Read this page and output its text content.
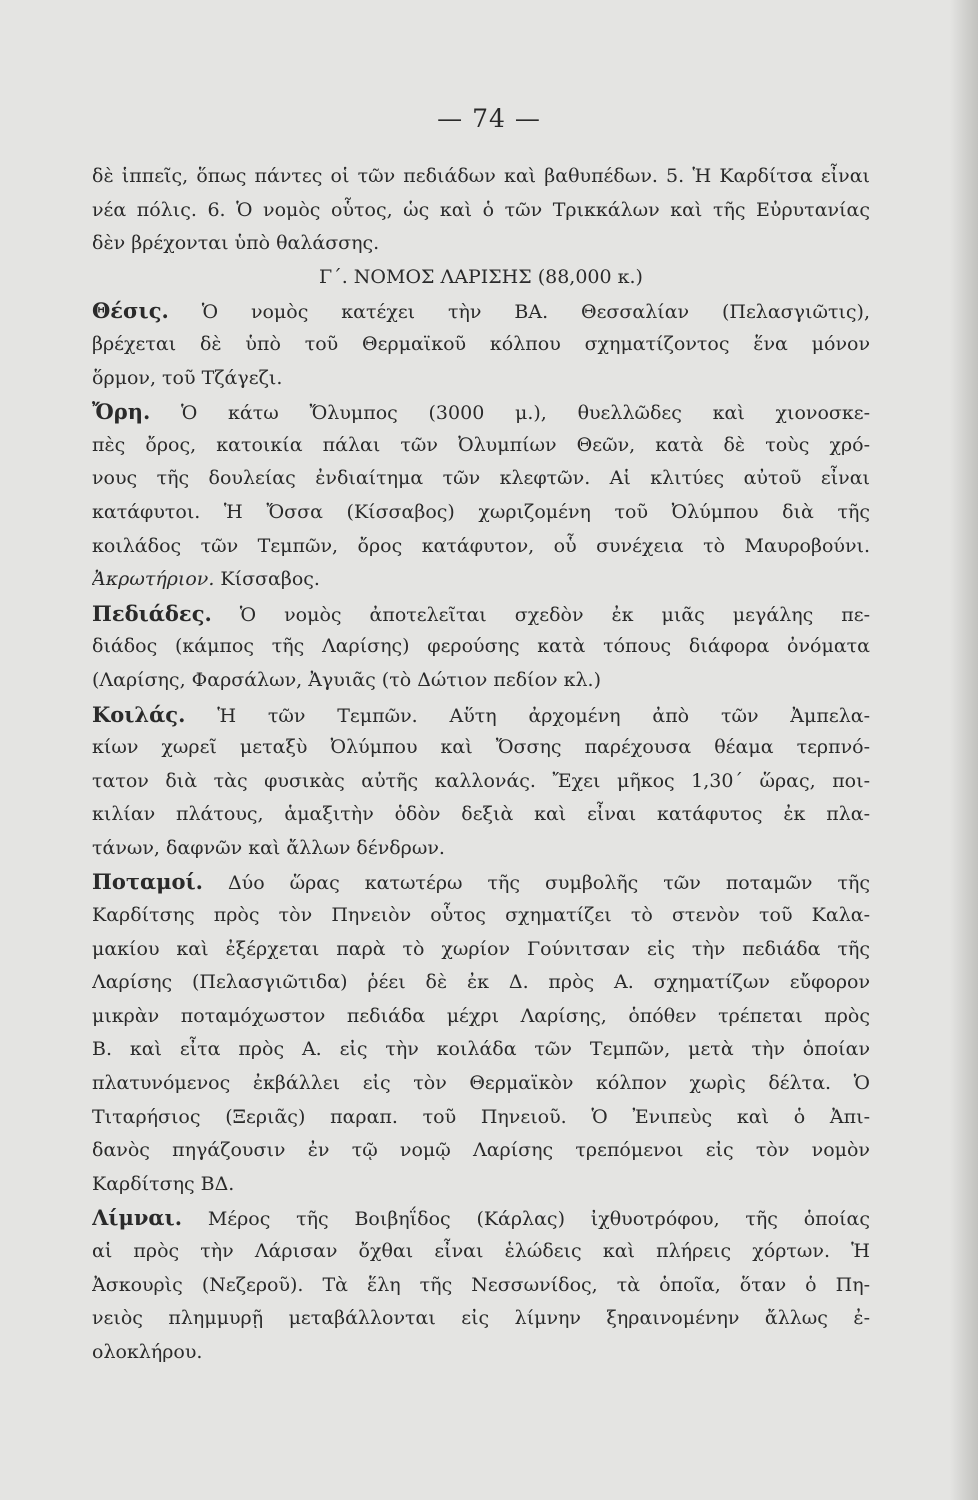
— 74 —
δὲ ἱππεῖς, ὅπως πάντες οἱ τῶν πεδιάδων καὶ βαθυπέδων. 5. Ἡ Καρδίτσα εἶναι
νέα πόλις. 6. Ὁ νομὸς οὗτος, ὡς καὶ ὁ τῶν Τρικκάλων καὶ τῆς Εὐρυτανίας
δὲν βρέχονται ὑπὸ θαλάσσης.
Γ΄. ΝΟΜΟΣ ΛΑΡΙΣΗΣ (88,000 κ.)
Θέσις. Ὁ νομὸς κατέχει τὴν ΒΑ. Θεσσαλίαν (Πελασγιῶτις),
βρέχεται δὲ ὑπὸ τοῦ Θερμαϊκοῦ κόλπου σχηματίζοντος ἕνα μόνον
ὅρμον, τοῦ Τζάγεζι.
Ὄρη. Ὁ κάτω Ὄλυμπος (3000 μ.), θυελλῶδες καὶ χιονοσκε-
πὲς ὄρος, κατοικία πάλαι τῶν Ὀλυμπίων Θεῶν, κατὰ δὲ τοὺς χρό-
νους τῆς δουλείας ἐνδιαίτημα τῶν κλεφτῶν. Αἱ κλιτύες αὐτοῦ εἶναι
κατάφυτοι. Ἡ Ὄσσα (Κίσσαβος) χωριζομένη τοῦ Ὀλύμπου διὰ τῆς
κοιλάδος τῶν Τεμπῶν, ὄρος κατάφυτον, οὗ συνέχεια τὸ Μαυροβούνι.
Ἀκρωτήριον. Κίσσαβος.
Πεδιάδες. Ὁ νομὸς ἀποτελεῖται σχεδὸν ἐκ μιᾶς μεγάλης πε-
διάδος (κάμπος τῆς Λαρίσης) φερούσης κατὰ τόπους διάφορα ὀνόματα
(Λαρίσης, Φαρσάλων, Ἀγυιᾶς (τὸ Δώτιον πεδίον κλ.)
Κοιλάς. Ἡ τῶν Τεμπῶν. Αὕτη ἀρχομένη ἀπὸ τῶν Ἀμπελα-
κίων χωρεῖ μεταξὺ Ὀλύμπου καὶ Ὄσσης παρέχουσα θέαμα τερπνό-
τατον διὰ τὰς φυσικὰς αὐτῆς καλλονάς. Ἔχει μῆκος 1,30΄ ὥρας, ποι-
κιλίαν πλάτους, ἁμαξιτὴν ὁδὸν δεξιὰ καὶ εἶναι κατάφυτος ἐκ πλα-
τάνων, δαφνῶν καὶ ἄλλων δένδρων.
Ποταμοί. Δύο ὥρας κατωτέρω τῆς συμβολῆς τῶν ποταμῶν τῆς
Καρδίτσης πρὸς τὸν Πηνειὸν οὗτος σχηματίζει τὸ στενὸν τοῦ Καλα-
μακίου καὶ ἐξέρχεται παρὰ τὸ χωρίον Γούνιτσαν εἰς τὴν πεδιάδα τῆς
Λαρίσης (Πελασγιῶτιδα) ῥέει δὲ ἐκ Δ. πρὸς Α. σχηματίζων εὔφορον
μικρὰν ποταμόχωστον πεδιάδα μέχρι Λαρίσης, ὁπόθεν τρέπεται πρὸς
Β. καὶ εἶτα πρὸς Α. εἰς τὴν κοιλάδα τῶν Τεμπῶν, μετὰ τὴν ὁποίαν
πλατυνόμενος ἐκβάλλει εἰς τὸν Θερμαϊκὸν κόλπον χωρὶς δέλτα. Ὁ
Τιταρήσιος (Ξεριᾶς) παραπ. τοῦ Πηνειοῦ. Ὁ Ἐνιπεὺς καὶ ὁ Ἀπι-
δανὸς πηγάζουσιν ἐν τῷ νομῷ Λαρίσης τρεπόμενοι εἰς τὸν νομὸν
Καρδίτσης ΒΔ.
Λίμναι. Μέρος τῆς Βοιβηΐδος (Κάρλας) ἰχθυοτρόφου, τῆς ὁποίας
αἱ πρὸς τὴν Λάρισαν ὄχθαι εἶναι ἑλώδεις καὶ πλήρεις χόρτων. Ἡ
Ἀσκουρὶς (Νεζεροῦ). Τὰ ἕλη τῆς Νεσσωνίδος, τὰ ὁποῖα, ὅταν ὁ Πη-
νειὸς πλημμυρῇ μεταβάλλονται εἰς λίμνην ξηραινομένην ἄλλως ἐ-
ολοκλήρου.
